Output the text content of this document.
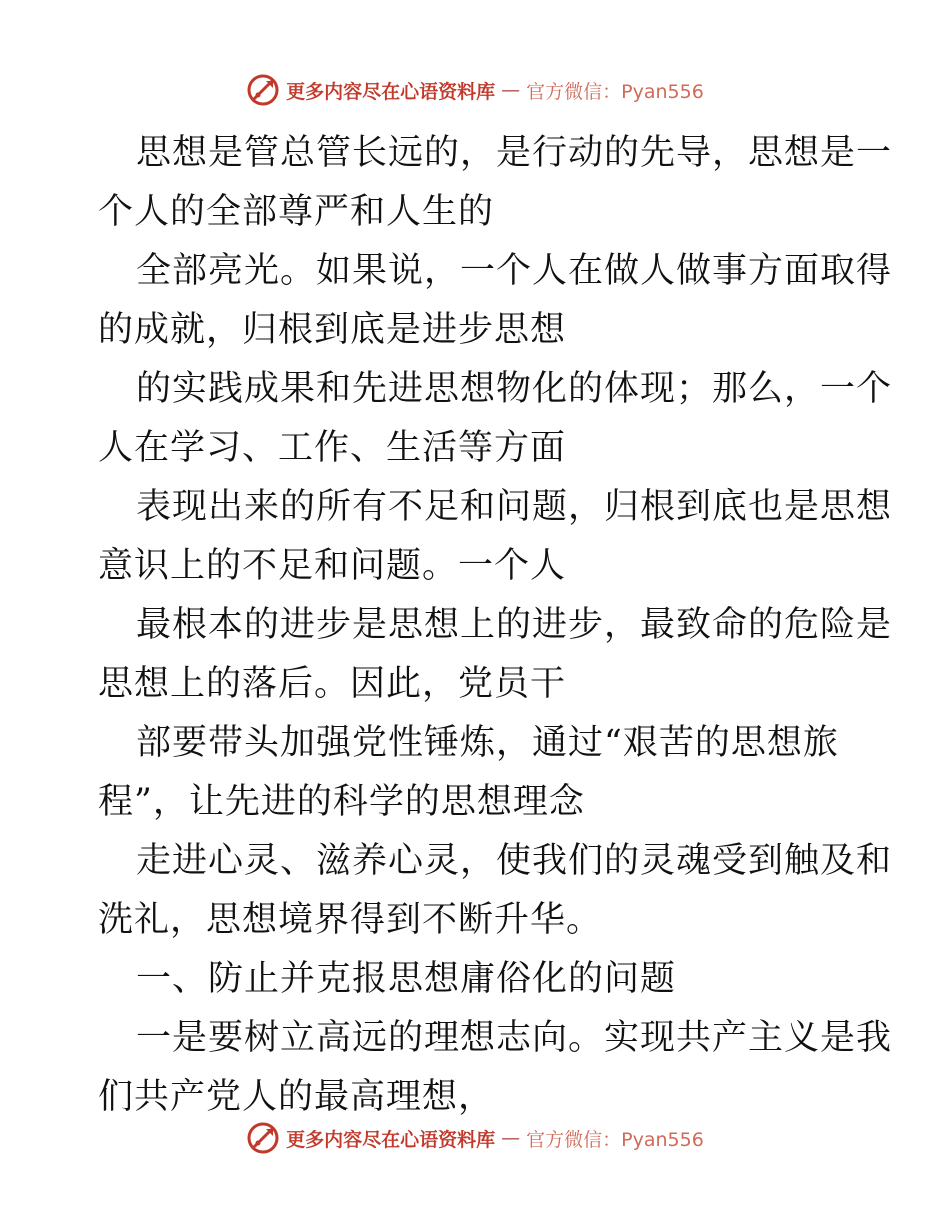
更多内容尽在心语资料库 — 官方微信：Pyan556

思想是管总管长远的，是行动的先导，思想是一
个人的全部尊严和人生的

全部亮光。如果说，一个人在做人做事方面取得
的成就，归根到底是进步思想

的实践成果和先进思想物化的体现；那么，一个
人在学习、工作、生活等方面

表现出来的所有不足和问题，归根到底也是思想
意识上的不足和问题。一个人

最根本的进步是思想上的进步，最致命的危险是
思想上的落后。因此，党员干

部要带头加强党性锤炼，通过“艰苦的思想旅
程”，让先进的科学的思想理念

走进心灵、滋养心灵，使我们的灵魂受到触及和
洗礼，思想境界得到不断升华。

一、防止并克报思想庸俗化的问题

一是要树立高远的理想志向。实现共产主义是我
们共产党人的最高理想，

更多内容尽在心语资料库 — 官方微信：Pyan556
